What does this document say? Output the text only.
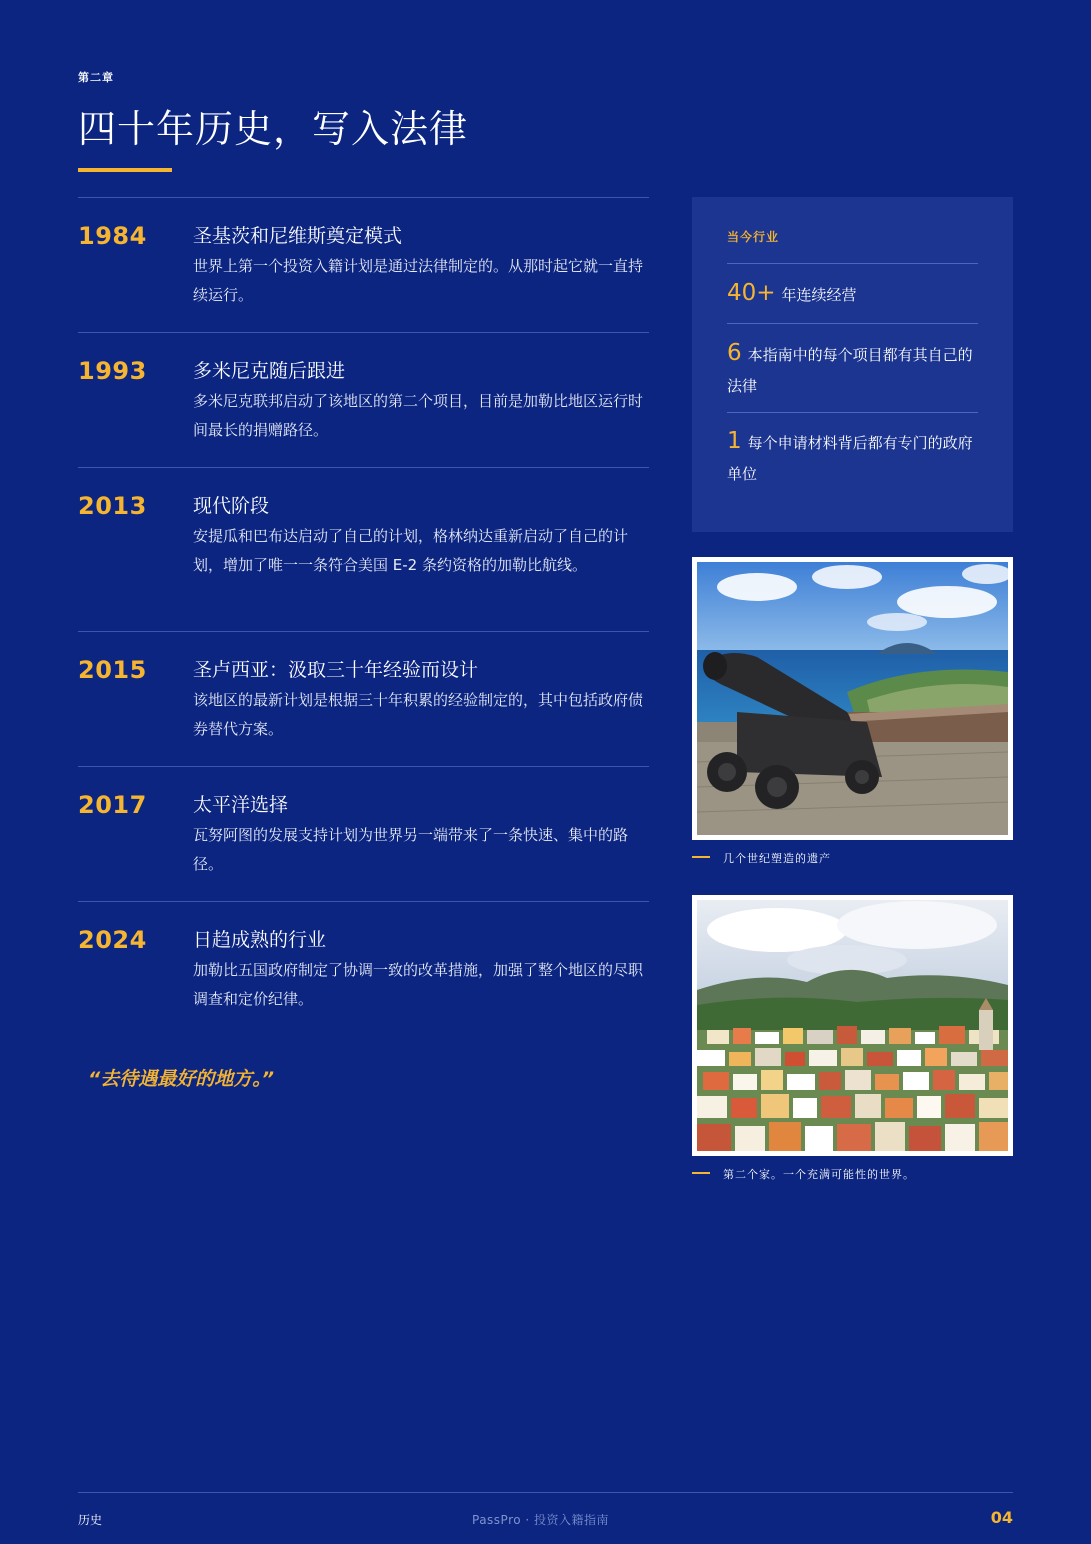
第二章
四十年历史，写入法律
1984 圣基茨和尼维斯奠定模式
世界上第一个投资入籍计划是通过法律制定的。从那时起它就一直持续运行。
1993 多米尼克随后跟进
多米尼克联邦启动了该地区的第二个项目，目前是加勒比地区运行时间最长的捐赠路径。
2013 现代阶段
安提瓜和巴布达启动了自己的计划，格林纳达重新启动了自己的计划，增加了唯一一条符合美国 E-2 条约资格的加勒比航线。
2015 圣卢西亚：汲取三十年经验而设计
该地区的最新计划是根据三十年积累的经验制定的，其中包括政府债券替代方案。
2017 太平洋选择
瓦努阿图的发展支持计划为世界另一端带来了一条快速、集中的路径。
2024 日趋成熟的行业
加勒比五国政府制定了协调一致的改革措施，加强了整个地区的尽职调查和定价纪律。
“去待遇最好的地方。”
当今行业
40+ 年连续经营
6 本指南中的每个项目都有其自己的法律
1 每个申请材料背后都有专门的政府单位
几个世纪塑造的遗产
第二个家。一个充满可能性的世界。
历史	PassPro · 投资入籍指南	04
